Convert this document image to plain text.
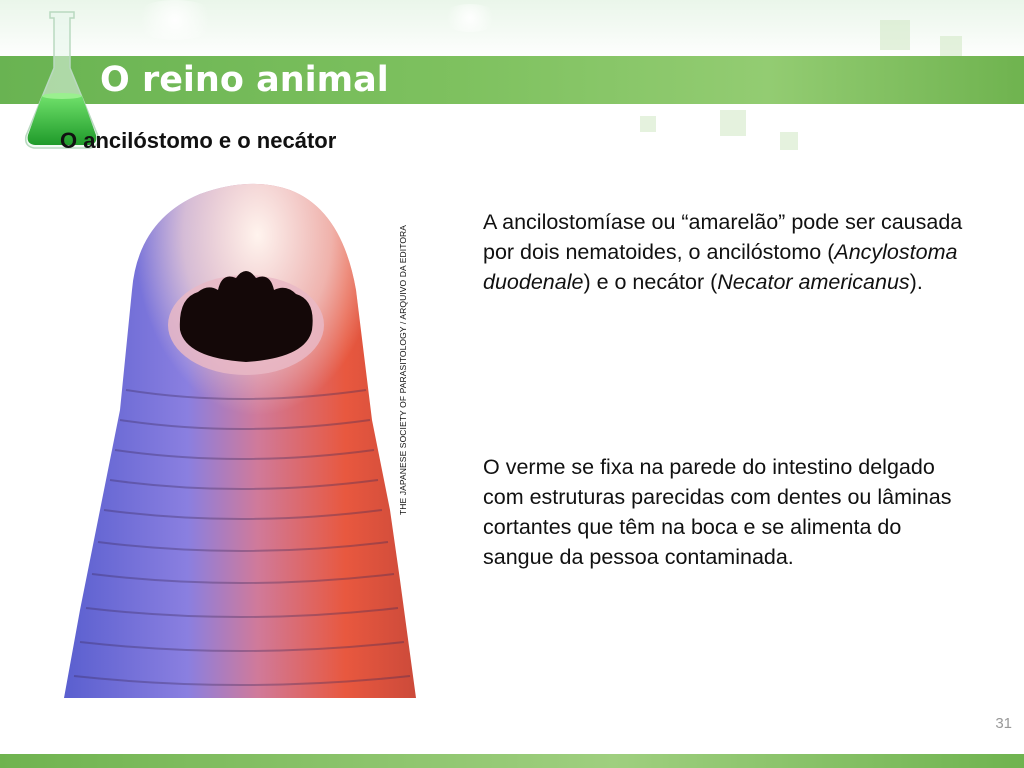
O reino animal
O ancilóstomo e o necátor
THE JAPANESE SOCIETY OF PARASITOLOGY / ARQUIVO DA EDITORA
A ancilostomíase ou “amarelão” pode ser causada por dois nematoides, o ancilóstomo (Ancylostoma duodenale) e o necátor (Necator americanus).
O verme se fixa na parede do intestino delgado com estruturas parecidas com dentes ou lâminas cortantes que têm na boca e se alimenta do sangue da pessoa contaminada.
31
